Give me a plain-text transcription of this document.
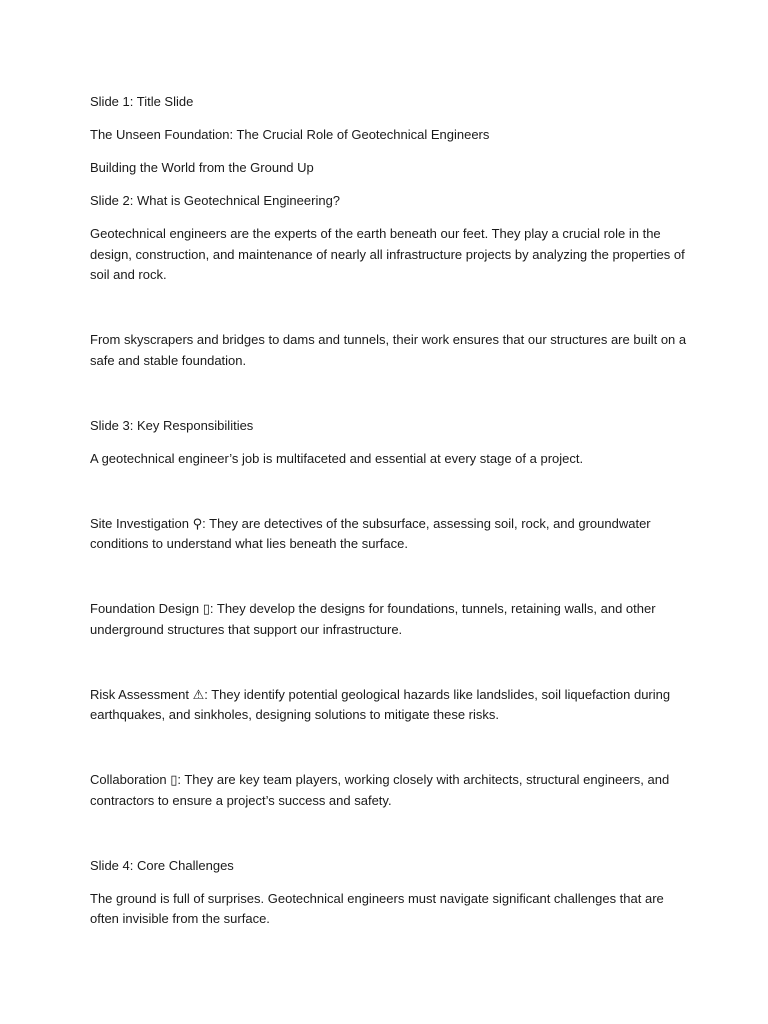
Slide 1: Title Slide

The Unseen Foundation: The Crucial Role of Geotechnical Engineers

Building the World from the Ground Up

Slide 2: What is Geotechnical Engineering?

Geotechnical engineers are the experts of the earth beneath our feet. They play a crucial role in the design, construction, and maintenance of nearly all infrastructure projects by analyzing the properties of soil and rock.

From skyscrapers and bridges to dams and tunnels, their work ensures that our structures are built on a safe and stable foundation.

Slide 3: Key Responsibilities

A geotechnical engineer’s job is multifaceted and essential at every stage of a project.

Site Investigation ⚲: They are detectives of the subsurface, assessing soil, rock, and groundwater conditions to understand what lies beneath the surface.

Foundation Design ▯: They develop the designs for foundations, tunnels, retaining walls, and other underground structures that support our infrastructure.

Risk Assessment ⚠: They identify potential geological hazards like landslides, soil liquefaction during earthquakes, and sinkholes, designing solutions to mitigate these risks.

Collaboration ▯: They are key team players, working closely with architects, structural engineers, and contractors to ensure a project’s success and safety.

Slide 4: Core Challenges

The ground is full of surprises. Geotechnical engineers must navigate significant challenges that are often invisible from the surface.
